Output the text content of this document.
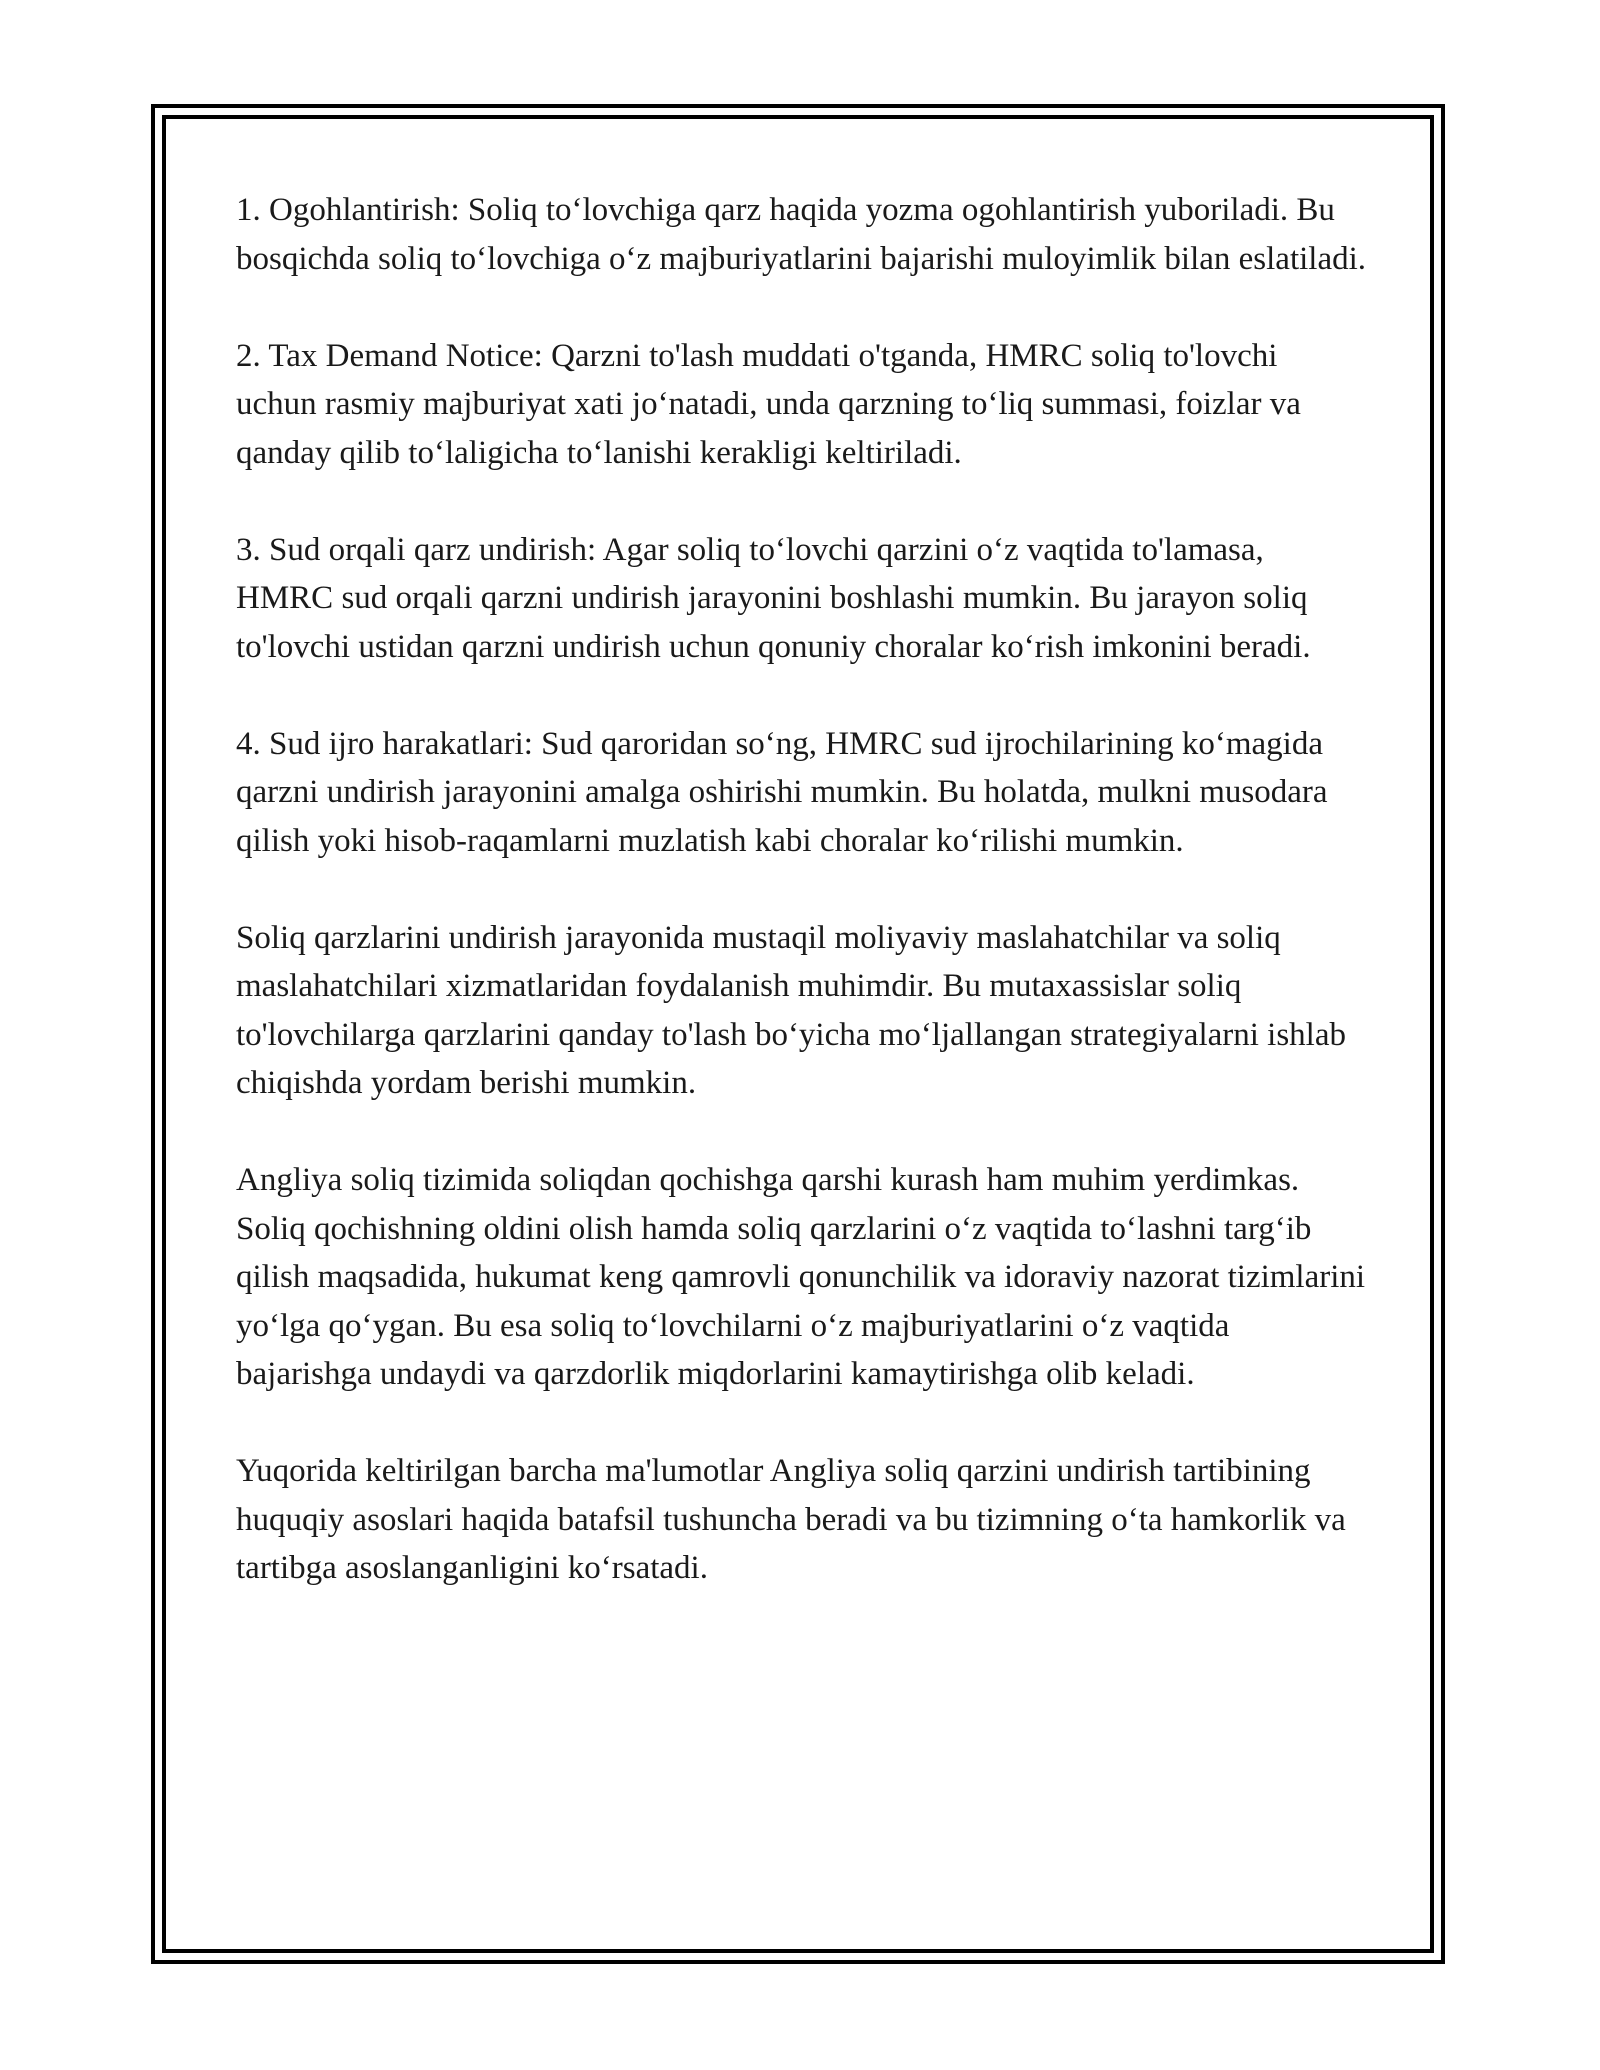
1. Ogohlantirish: Soliq to‘lovchiga qarz haqida yozma ogohlantirish yuboriladi. Bu bosqichda soliq to‘lovchiga o‘z majburiyatlarini bajarishi muloyimlik bilan eslatiladi.

2. Tax Demand Notice: Qarzni to'lash muddati o'tganda, HMRC soliq to'lovchi uchun rasmiy majburiyat xati jo‘natadi, unda qarzning to‘liq summasi, foizlar va qanday qilib to‘laligicha to‘lanishi kerakligi keltiriladi.

3. Sud orqali qarz undirish: Agar soliq to‘lovchi qarzini o‘z vaqtida to'lamasa, HMRC sud orqali qarzni undirish jarayonini boshlashi mumkin. Bu jarayon soliq to'lovchi ustidan qarzni undirish uchun qonuniy choralar ko‘rish imkonini beradi.

4. Sud ijro harakatlari: Sud qaroridan so‘ng, HMRC sud ijrochilarining ko‘magida qarzni undirish jarayonini amalga oshirishi mumkin. Bu holatda, mulkni musodara qilish yoki hisob-raqamlarni muzlatish kabi choralar ko‘rilishi mumkin.

Soliq qarzlarini undirish jarayonida mustaqil moliyaviy maslahatchilar va soliq maslahatchilari xizmatlaridan foydalanish muhimdir. Bu mutaxassislar soliq to'lovchilarga qarzlarini qanday to'lash bo‘yicha mo‘ljallangan strategiyalarni ishlab chiqishda yordam berishi mumkin.

Angliya soliq tizimida soliqdan qochishga qarshi kurash ham muhim yerdimkas. Soliq qochishning oldini olish hamda soliq qarzlarini o‘z vaqtida to‘lashni targ‘ib qilish maqsadida, hukumat keng qamrovli qonunchilik va idoraviy nazorat tizimlarini yo‘lga qo‘ygan. Bu esa soliq to‘lovchilarni o‘z majburiyatlarini o‘z vaqtida bajarishga undaydi va qarzdorlik miqdorlarini kamaytirishga olib keladi.

Yuqorida keltirilgan barcha ma'lumotlar Angliya soliq qarzini undirish tartibining huquqiy asoslari haqida batafsil tushuncha beradi va bu tizimning o‘ta hamkorlik va tartibga asoslanganligini ko‘rsatadi.
